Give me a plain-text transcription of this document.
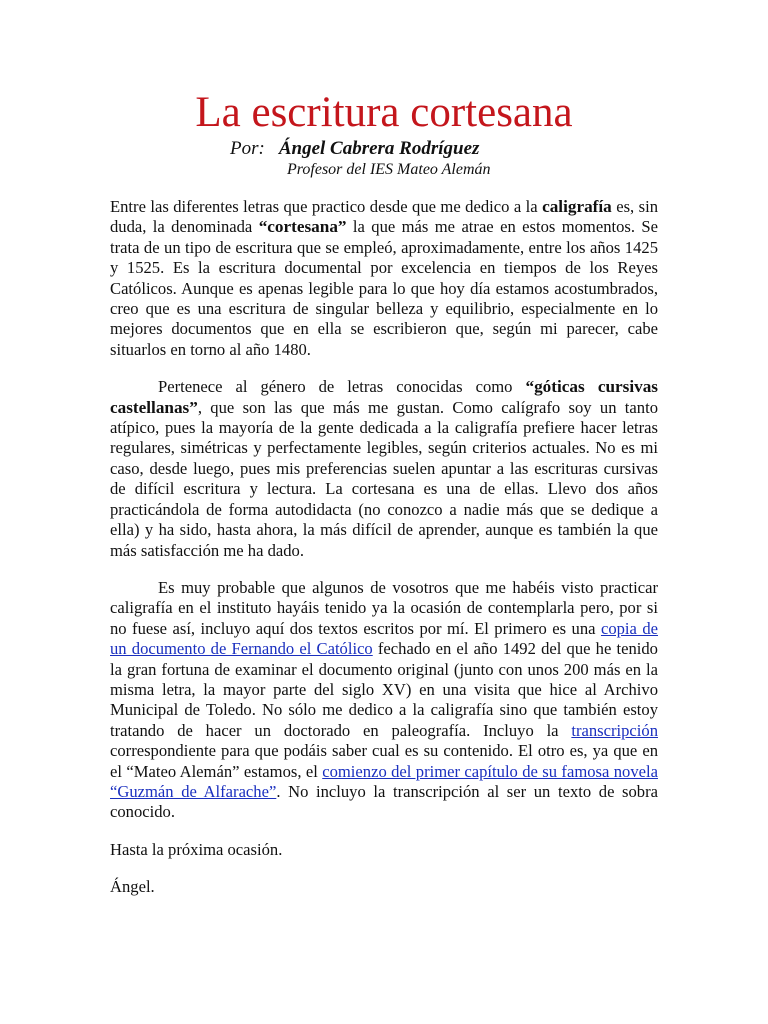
La escritura cortesana
Por: Ángel Cabrera Rodríguez
Profesor del IES Mateo Alemán

Entre las diferentes letras que practico desde que me dedico a la caligrafía es, sin duda, la denominada “cortesana” la que más me atrae en estos momentos. Se trata de un tipo de escritura que se empleó, aproximadamente, entre los años 1425 y 1525. Es la escritura documental por excelencia en tiempos de los Reyes Católicos. Aunque es apenas legible para lo que hoy día estamos acostumbrados, creo que es una escritura de singular belleza y equilibrio, especialmente en lo mejores documentos que en ella se escribieron que, según mi parecer, cabe situarlos en torno al año 1480.

Pertenece al género de letras conocidas como “góticas cursivas castellanas”, que son las que más me gustan. Como calígrafo soy un tanto atípico, pues la mayoría de la gente dedicada a la caligrafía prefiere hacer letras regulares, simétricas y perfectamente legibles, según criterios actuales. No es mi caso, desde luego, pues mis preferencias suelen apuntar a las escrituras cursivas de difícil escritura y lectura. La cortesana es una de ellas. Llevo dos años practicándola de forma autodidacta (no conozco a nadie más que se dedique a ella) y ha sido, hasta ahora, la más difícil de aprender, aunque es también la que más satisfacción me ha dado.

Es muy probable que algunos de vosotros que me habéis visto practicar caligrafía en el instituto hayáis tenido ya la ocasión de contemplarla pero, por si no fuese así, incluyo aquí dos textos escritos por mí. El primero es una copia de un documento de Fernando el Católico fechado en el año 1492 del que he tenido la gran fortuna de examinar el documento original (junto con unos 200 más en la misma letra, la mayor parte del siglo XV) en una visita que hice al Archivo Municipal de Toledo. No sólo me dedico a la caligrafía sino que también estoy tratando de hacer un doctorado en paleografía. Incluyo la transcripción correspondiente para que podáis saber cual es su contenido. El otro es, ya que en el “Mateo Alemán” estamos, el comienzo del primer capítulo de su famosa novela “Guzmán de Alfarache”. No incluyo la transcripción al ser un texto de sobra conocido.

Hasta la próxima ocasión.

Ángel.
